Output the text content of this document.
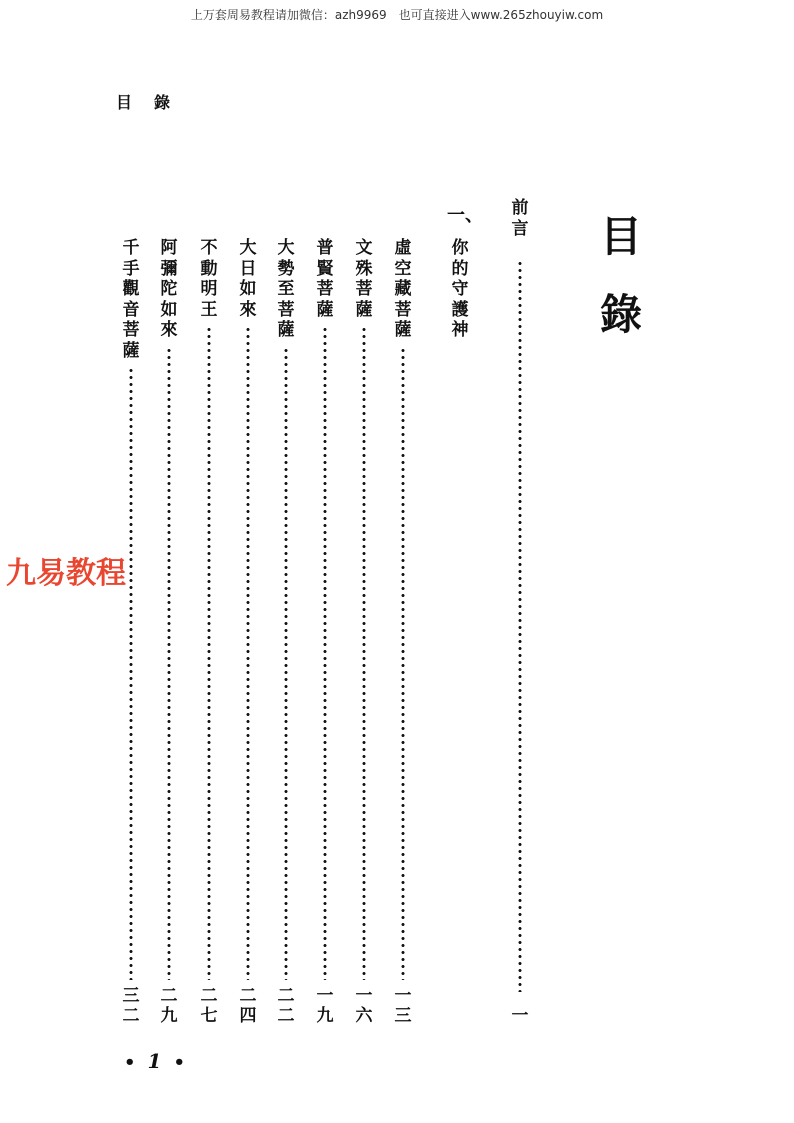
上万套周易教程请加微信：azh9969　也可直接进入www.265zhouyiw.com
目錄
目
錄
前言
一
一、
你的守護神
虛空藏菩薩
一三
文殊菩薩
一六
普賢菩薩
一九
大勢至菩薩
二二
大日如來
二四
不動明王
二七
阿彌陀如來
二九
千手觀音菩薩
三二
九易教程
• 1 •
